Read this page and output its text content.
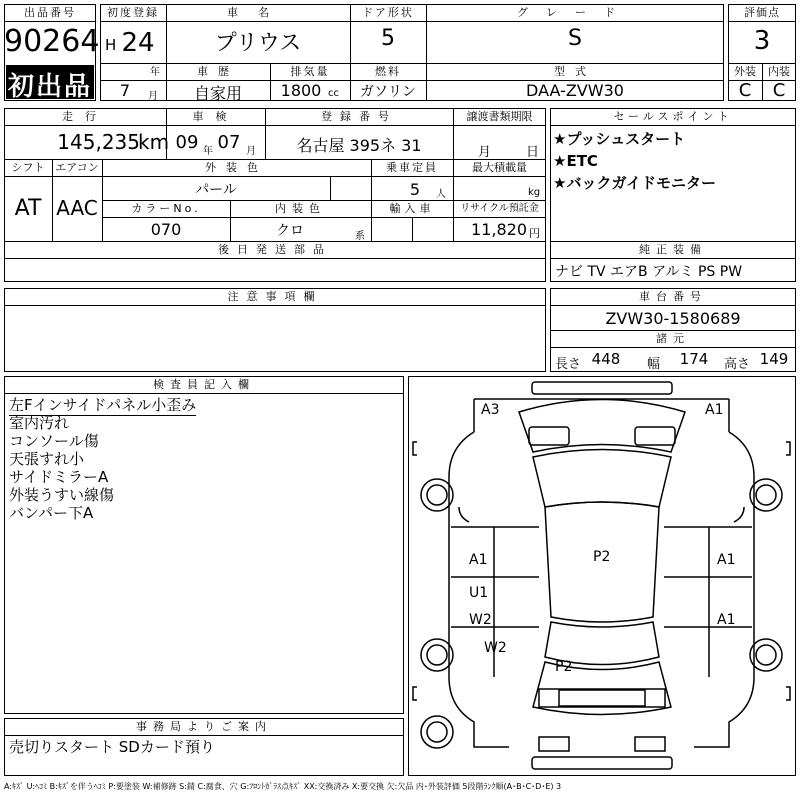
出品番号
90264
初出品
初度登録
H 24
年
7	月
車名
プリウス
ドア形状
5
グレード
S
車歴
自家用
排気量
1800 cc
燃料
ガソリン
型式
DAA-ZVW30
評価点
3
外装	内装
C	C
走行
145,235
km
車検
09 年 07 月
登録番号
名古屋 395ネ 31
譲渡書類期限
月	日
シフト
AT
エアコン
AAC
外装色
パール
乗車定員
5	人
最大積載量
kg
カラーNo.
070
内装色
クロ	系
輸入車	リサイクル預託金
11,820 円
後日発送部品
セールスポイント
★プッシュスタート
★ETC
★バックガイドモニター
純正装備
ナビ TV エアB アルミ PS PW
注意事項欄	車台番号
ZVW30-1580689
諸元
長さ 448 幅 174 高さ 149
検査員記入欄
左Fインサイドパネル小歪み
室内汚れ
コンソール傷
天張すれ小
サイドミラーA
外装うすい線傷
バンパー下A
事務局よりご案内
売切りスタート SDカード預り
A3	A1
A1
U1
W2
W2
A1
A1
P2
P2
A:ｷｽﾞ U:ﾍｺﾐ B:ｷｽﾞを伴うﾍｺﾐ P:要塗装 W:補修跡 S:錆 C:腐食、穴 G:ﾌﾛﾝﾄｶﾞﾗｽ点ｷｽﾞ XX:交換済み X:要交換 欠:欠品 内･外装評価 5段階ﾗﾝｸ順(A･B･C･D･E) 3
